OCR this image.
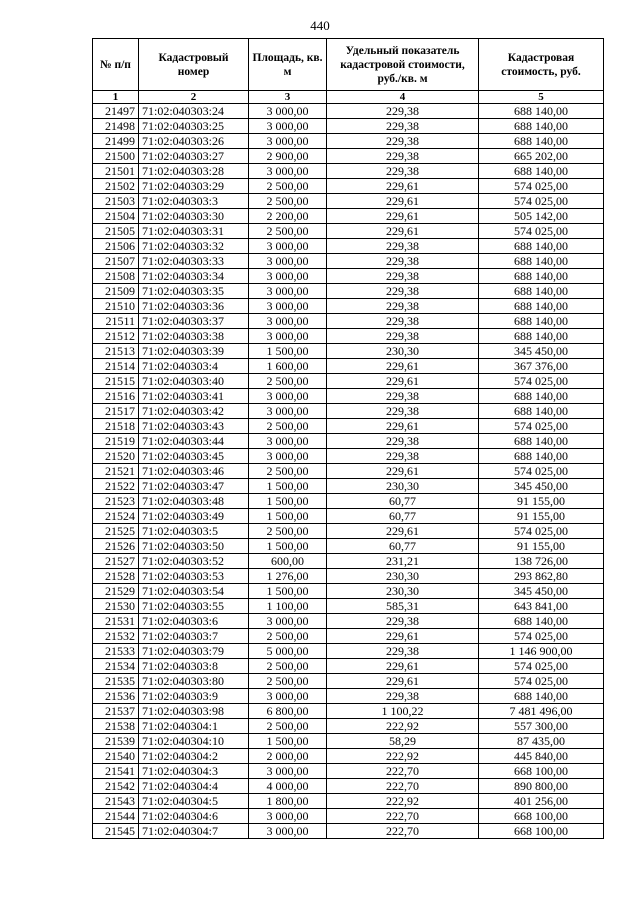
440
№ п/п	Кадастровый номер	Площадь, кв. м	Удельный показатель кадастровой стоимости, руб./кв. м	Кадастровая стоимость, руб.
1	2	3	4	5
21497	71:02:040303:24	3 000,00	229,38	688 140,00
21498	71:02:040303:25	3 000,00	229,38	688 140,00
21499	71:02:040303:26	3 000,00	229,38	688 140,00
21500	71:02:040303:27	2 900,00	229,38	665 202,00
21501	71:02:040303:28	3 000,00	229,38	688 140,00
21502	71:02:040303:29	2 500,00	229,61	574 025,00
21503	71:02:040303:3	2 500,00	229,61	574 025,00
21504	71:02:040303:30	2 200,00	229,61	505 142,00
21505	71:02:040303:31	2 500,00	229,61	574 025,00
21506	71:02:040303:32	3 000,00	229,38	688 140,00
21507	71:02:040303:33	3 000,00	229,38	688 140,00
21508	71:02:040303:34	3 000,00	229,38	688 140,00
21509	71:02:040303:35	3 000,00	229,38	688 140,00
21510	71:02:040303:36	3 000,00	229,38	688 140,00
21511	71:02:040303:37	3 000,00	229,38	688 140,00
21512	71:02:040303:38	3 000,00	229,38	688 140,00
21513	71:02:040303:39	1 500,00	230,30	345 450,00
21514	71:02:040303:4	1 600,00	229,61	367 376,00
21515	71:02:040303:40	2 500,00	229,61	574 025,00
21516	71:02:040303:41	3 000,00	229,38	688 140,00
21517	71:02:040303:42	3 000,00	229,38	688 140,00
21518	71:02:040303:43	2 500,00	229,61	574 025,00
21519	71:02:040303:44	3 000,00	229,38	688 140,00
21520	71:02:040303:45	3 000,00	229,38	688 140,00
21521	71:02:040303:46	2 500,00	229,61	574 025,00
21522	71:02:040303:47	1 500,00	230,30	345 450,00
21523	71:02:040303:48	1 500,00	60,77	91 155,00
21524	71:02:040303:49	1 500,00	60,77	91 155,00
21525	71:02:040303:5	2 500,00	229,61	574 025,00
21526	71:02:040303:50	1 500,00	60,77	91 155,00
21527	71:02:040303:52	600,00	231,21	138 726,00
21528	71:02:040303:53	1 276,00	230,30	293 862,80
21529	71:02:040303:54	1 500,00	230,30	345 450,00
21530	71:02:040303:55	1 100,00	585,31	643 841,00
21531	71:02:040303:6	3 000,00	229,38	688 140,00
21532	71:02:040303:7	2 500,00	229,61	574 025,00
21533	71:02:040303:79	5 000,00	229,38	1 146 900,00
21534	71:02:040303:8	2 500,00	229,61	574 025,00
21535	71:02:040303:80	2 500,00	229,61	574 025,00
21536	71:02:040303:9	3 000,00	229,38	688 140,00
21537	71:02:040303:98	6 800,00	1 100,22	7 481 496,00
21538	71:02:040304:1	2 500,00	222,92	557 300,00
21539	71:02:040304:10	1 500,00	58,29	87 435,00
21540	71:02:040304:2	2 000,00	222,92	445 840,00
21541	71:02:040304:3	3 000,00	222,70	668 100,00
21542	71:02:040304:4	4 000,00	222,70	890 800,00
21543	71:02:040304:5	1 800,00	222,92	401 256,00
21544	71:02:040304:6	3 000,00	222,70	668 100,00
21545	71:02:040304:7	3 000,00	222,70	668 100,00
